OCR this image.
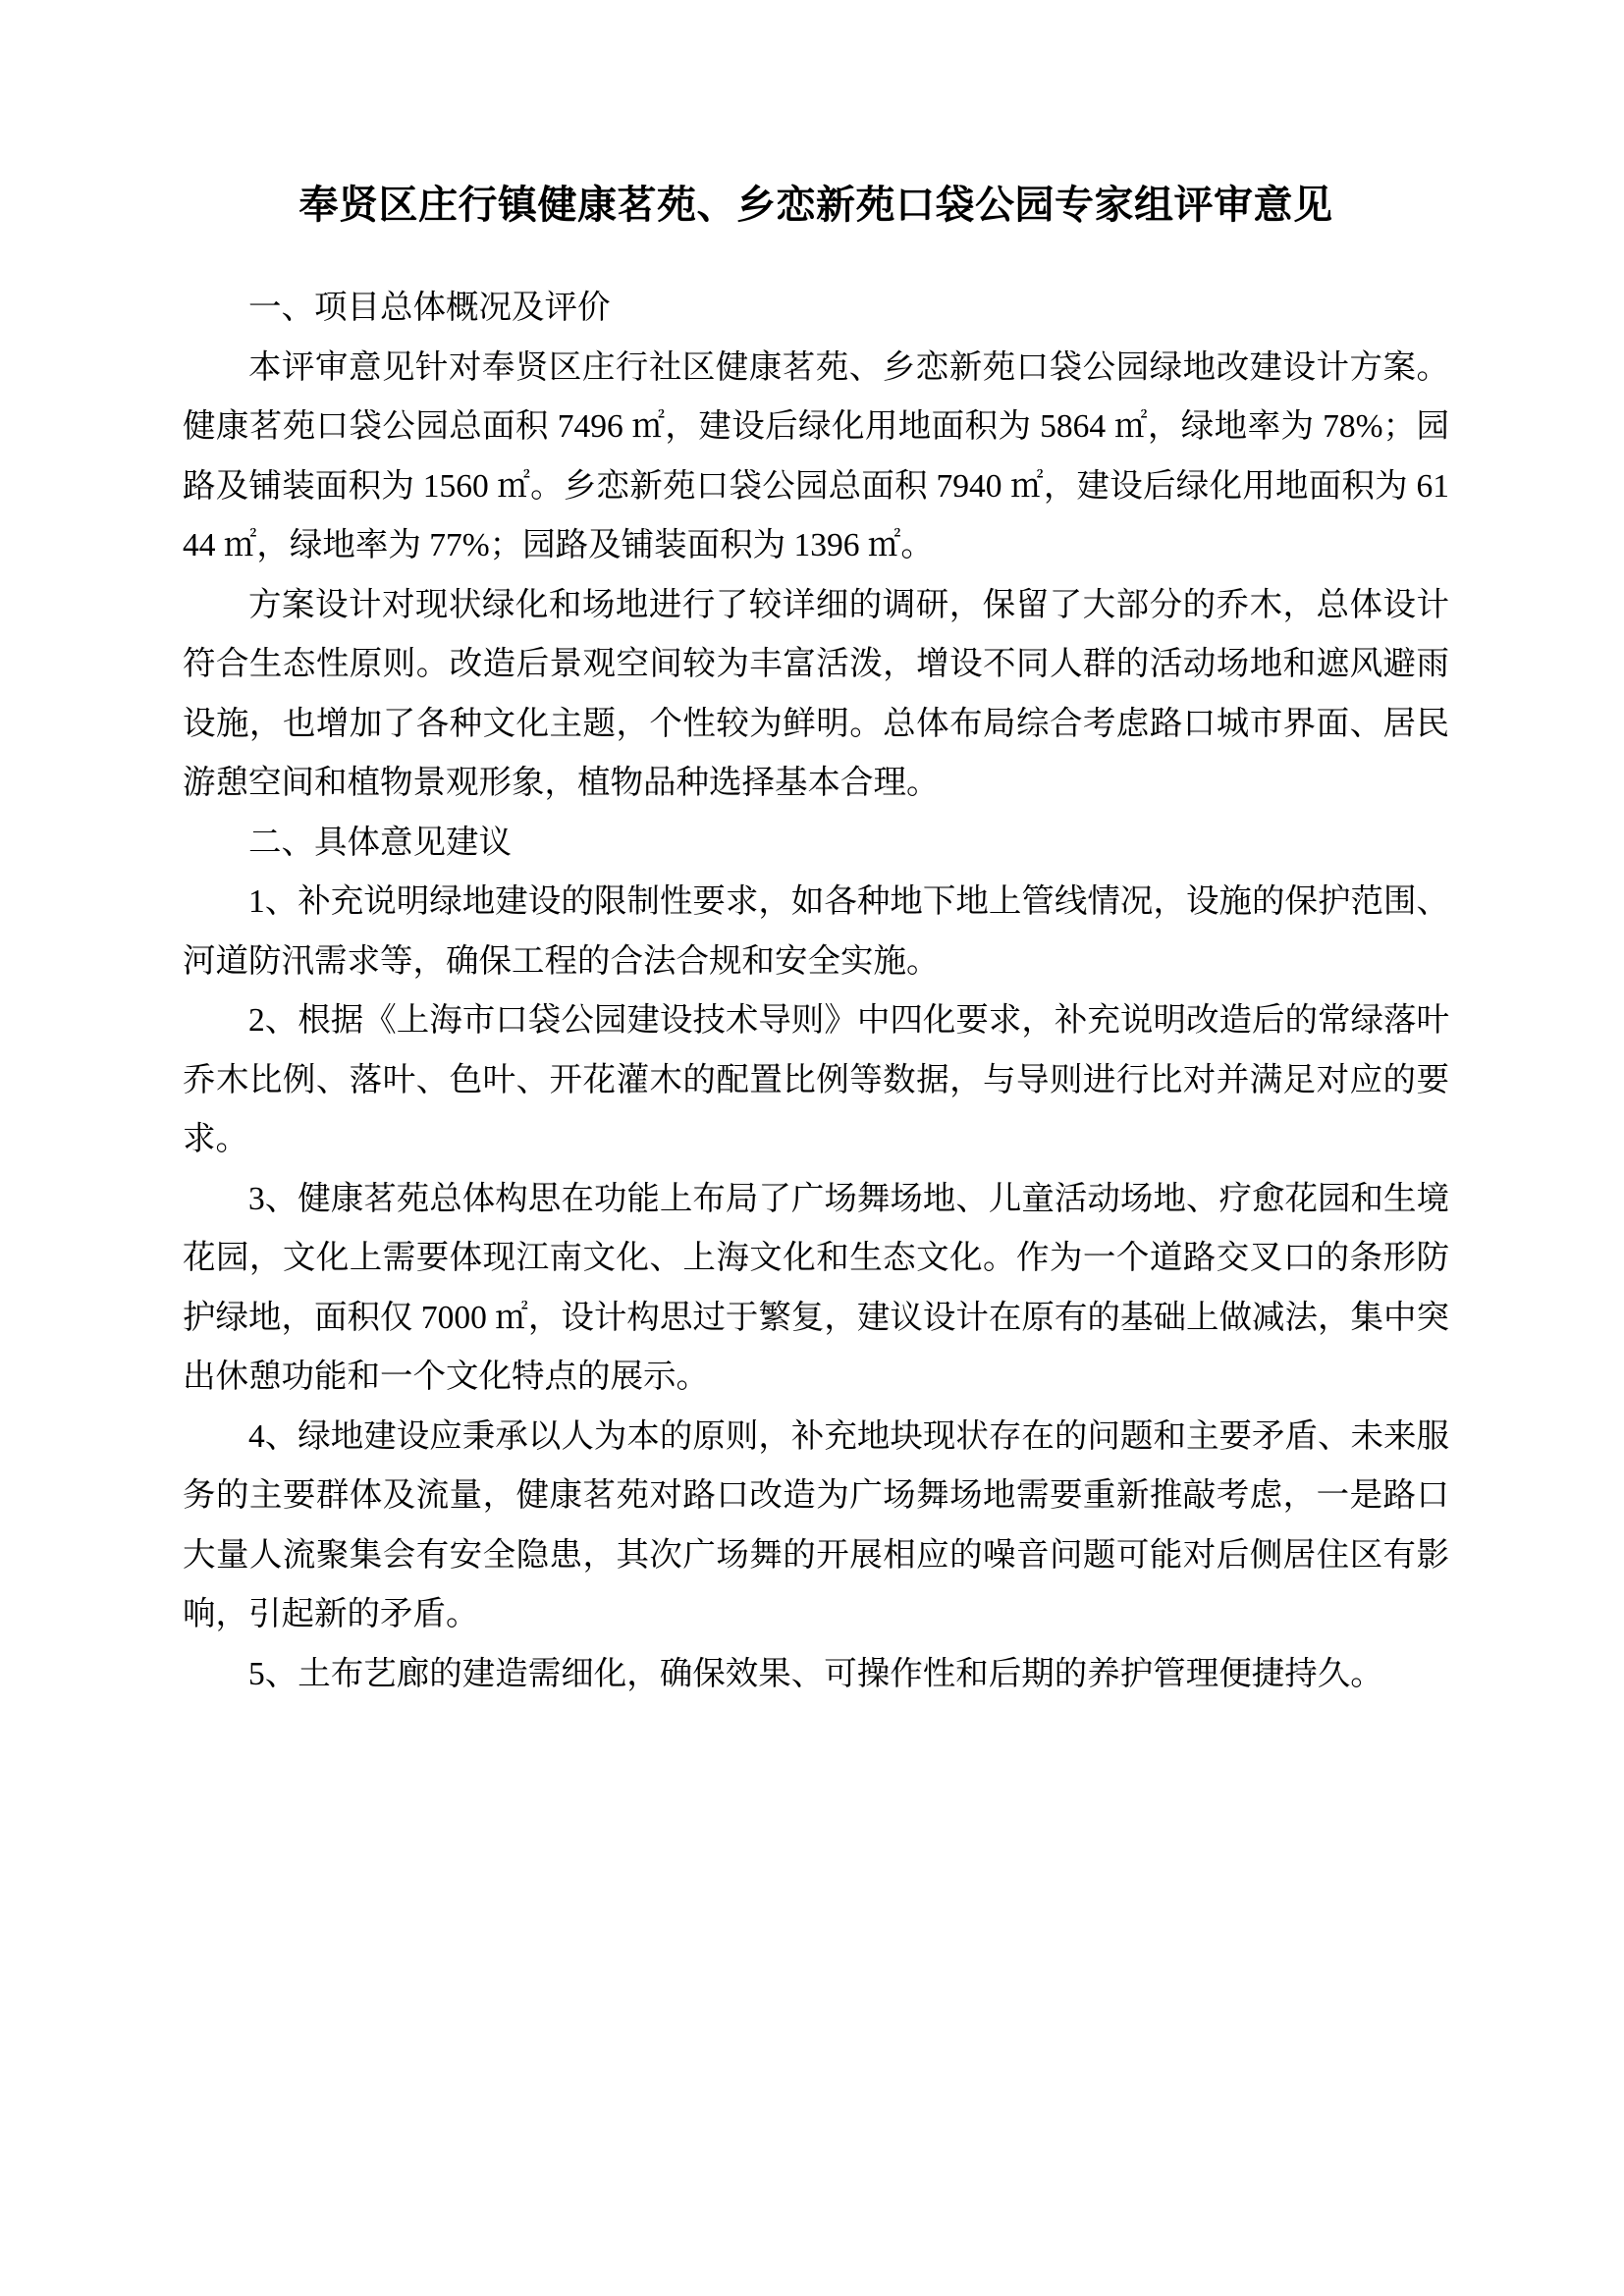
奉贤区庄行镇健康茗苑、乡恋新苑口袋公园专家组评审意见

一、项目总体概况及评价

本评审意见针对奉贤区庄行社区健康茗苑、乡恋新苑口袋公园绿地改建设计方案。健康茗苑口袋公园总面积 7496 ㎡，建设后绿化用地面积为 5864 ㎡，绿地率为 78%；园路及铺装面积为 1560 ㎡。乡恋新苑口袋公园总面积 7940 ㎡，建设后绿化用地面积为 6144 ㎡，绿地率为 77%；园路及铺装面积为 1396 ㎡。

方案设计对现状绿化和场地进行了较详细的调研，保留了大部分的乔木，总体设计符合生态性原则。改造后景观空间较为丰富活泼，增设不同人群的活动场地和遮风避雨设施，也增加了各种文化主题，个性较为鲜明。总体布局综合考虑路口城市界面、居民游憩空间和植物景观形象，植物品种选择基本合理。

二、具体意见建议

1、补充说明绿地建设的限制性要求，如各种地下地上管线情况，设施的保护范围、河道防汛需求等，确保工程的合法合规和安全实施。

2、根据《上海市口袋公园建设技术导则》中四化要求，补充说明改造后的常绿落叶乔木比例、落叶、色叶、开花灌木的配置比例等数据，与导则进行比对并满足对应的要求。

3、健康茗苑总体构思在功能上布局了广场舞场地、儿童活动场地、疗愈花园和生境花园，文化上需要体现江南文化、上海文化和生态文化。作为一个道路交叉口的条形防护绿地，面积仅 7000 ㎡，设计构思过于繁复，建议设计在原有的基础上做减法，集中突出休憩功能和一个文化特点的展示。

4、绿地建设应秉承以人为本的原则，补充地块现状存在的问题和主要矛盾、未来服务的主要群体及流量，健康茗苑对路口改造为广场舞场地需要重新推敲考虑，一是路口大量人流聚集会有安全隐患，其次广场舞的开展相应的噪音问题可能对后侧居住区有影响，引起新的矛盾。

5、土布艺廊的建造需细化，确保效果、可操作性和后期的养护管理便捷持久。
